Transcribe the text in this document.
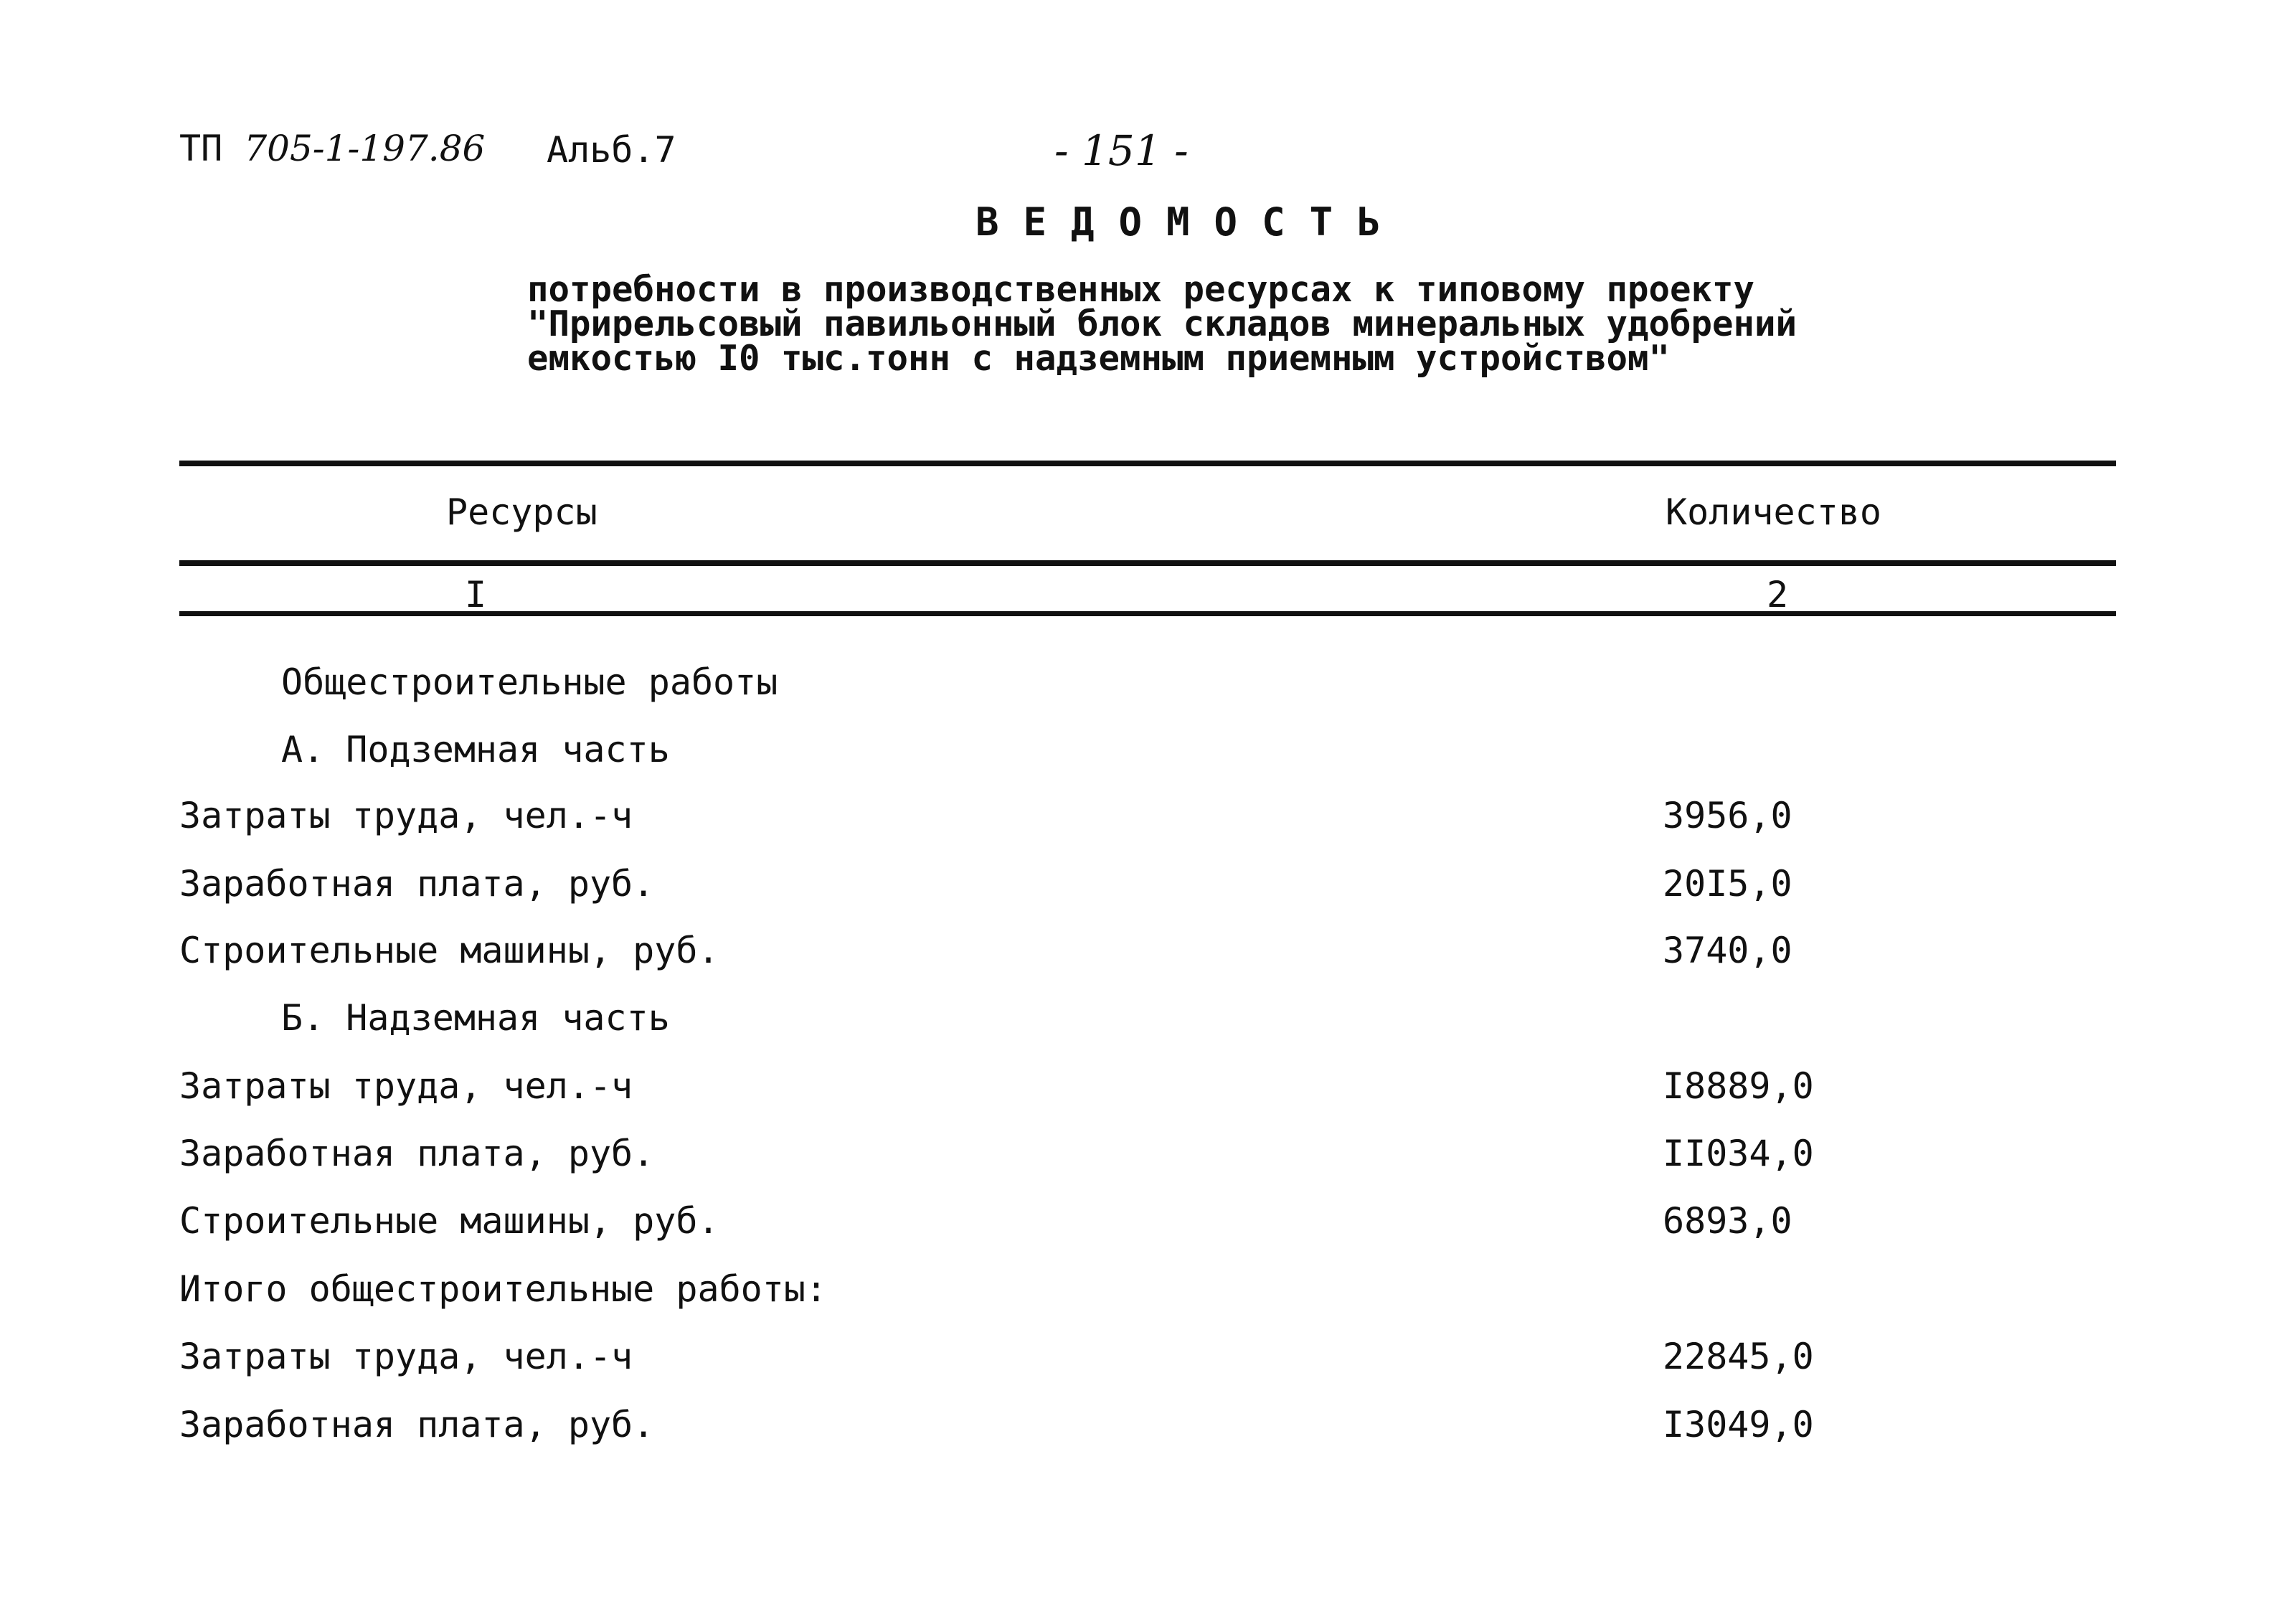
ТП 705-1-197.86 Альб.7	- 151 -
ВЕДОМОСТЬ
потребности в производственных ресурсах к типовому проекту
"Прирельсовый павильонный блок складов минеральных удобрений
емкостью I0 тыс.тонн с надземным приемным устройством"
Ресурсы	Количество
I	2
Общестроительные работы
А. Подземная часть
Затраты труда, чел.-ч	3956,0
Заработная плата, руб.	20I5,0
Строительные машины, руб.	3740,0
Б. Надземная часть
Затраты труда, чел.-ч	I8889,0
Заработная плата, руб.	II034,0
Строительные машины, руб.	6893,0
Итого общестроительные работы:
Затраты труда, чел.-ч	22845,0
Заработная плата, руб.	I3049,0
